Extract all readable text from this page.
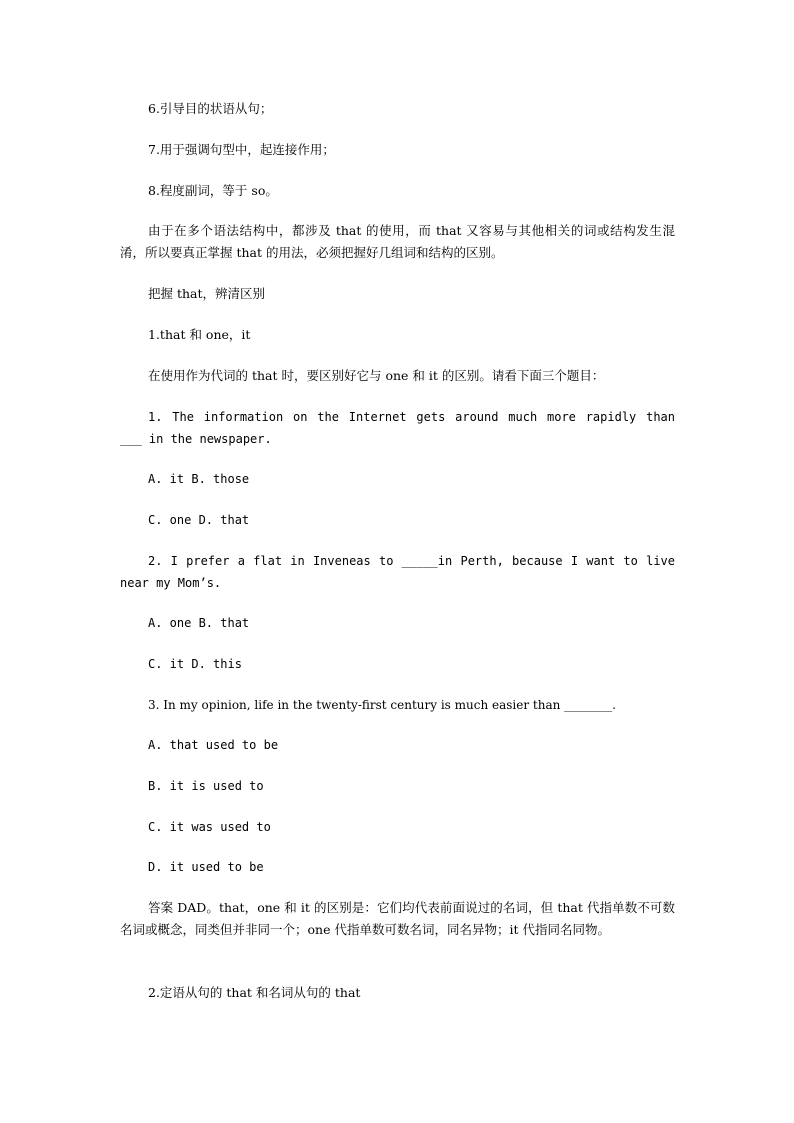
6.引导目的状语从句；

7.用于强调句型中，起连接作用；

8.程度副词，等于 so。

由于在多个语法结构中，都涉及 that 的使用，而 that 又容易与其他相关的词或结构发生混淆，所以要真正掌握 that 的用法，必须把握好几组词和结构的区别。

把握 that，辨清区别

1.that 和 one，it

在使用作为代词的 that 时，要区别好它与 one 和 it 的区别。请看下面三个题目：

1. The information on the Internet gets around much more rapidly than ___ in the newspaper.

A. it B. those

C. one D. that

2. I prefer a flat in Inveneas to _____in Perth, because I want to live near my Mom’s.

A. one B. that

C. it D. this

3. In my opinion, life in the twenty-first century is much easier than ________.

A. that used to be

B. it is used to

C. it was used to

D. it used to be

答案 DAD。that，one 和 it 的区别是：它们均代表前面说过的名词，但 that 代指单数不可数名词或概念，同类但并非同一个；one 代指单数可数名词，同名异物；it 代指同名同物。

2.定语从句的 that 和名词从句的 that
